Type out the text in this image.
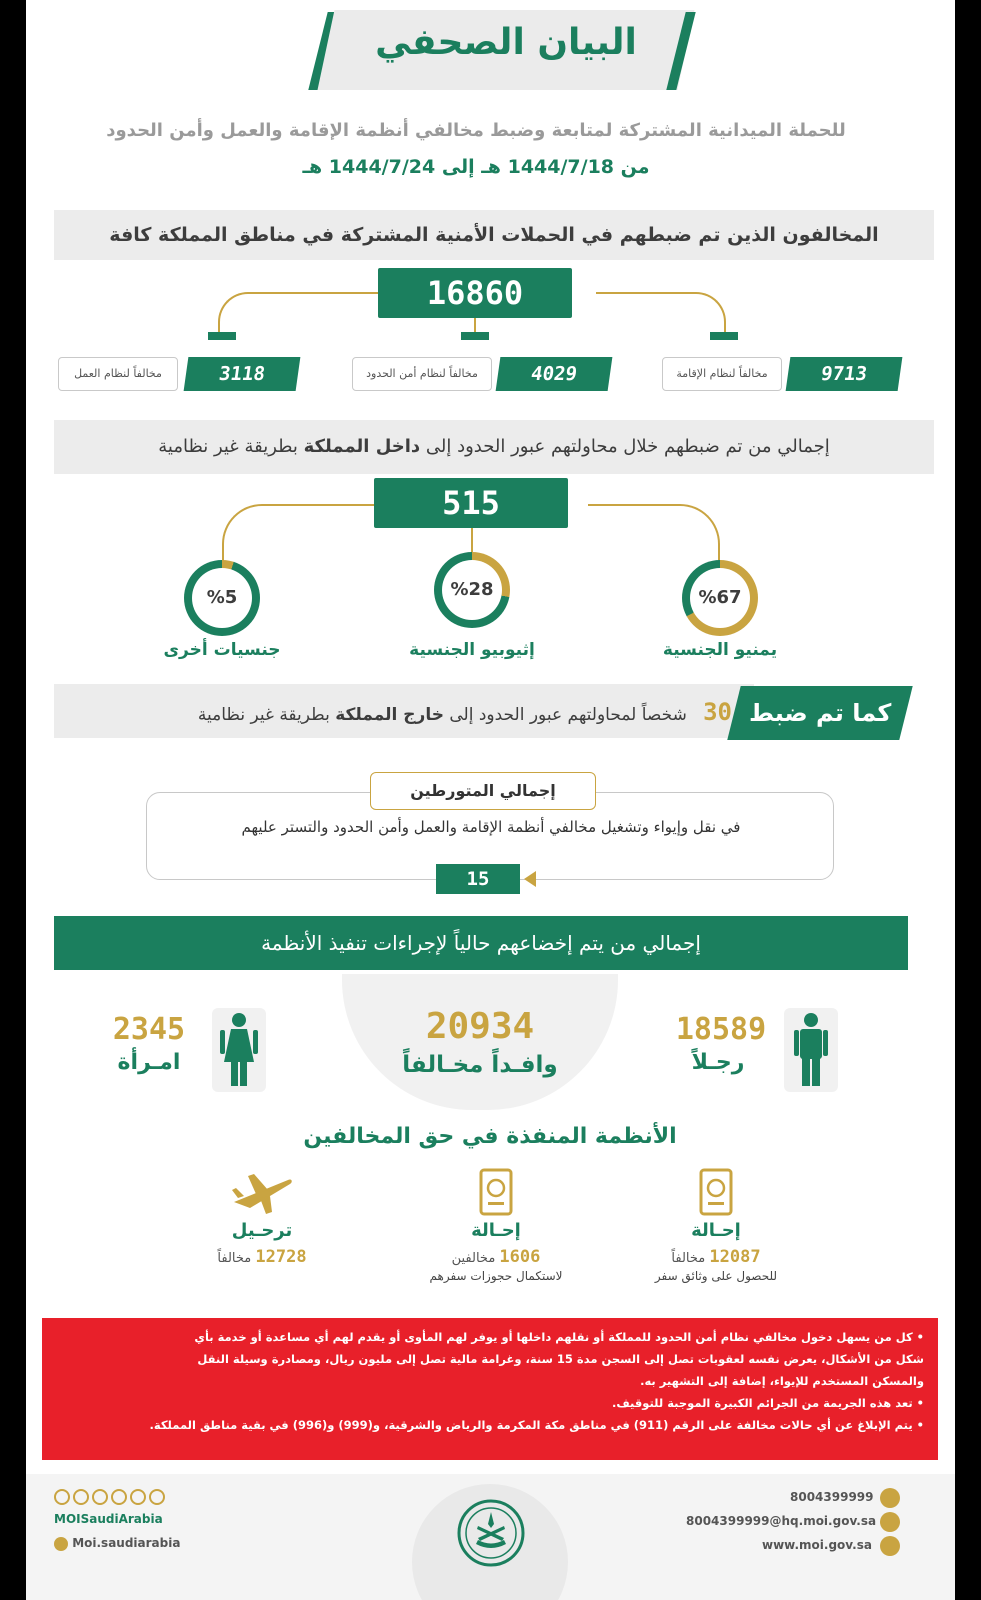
البيان الصحفي
للحملة الميدانية المشتركة لمتابعة وضبط مخالفي أنظمة الإقامة والعمل وأمن الحدود
من 1444/7/18 هـ إلى 1444/7/24 هـ
المخالفون الذين تم ضبطهم في الحملات الأمنية المشتركة في مناطق المملكة كافة
16860
9713
مخالفاً لنظام الإقامة
4029
مخالفاً لنظام أمن الحدود
3118
مخالفاً لنظام العمل
إجمالي من تم ضبطهم خلال محاولتهم عبور الحدود إلى داخل المملكة بطريقة غير نظامية
515
%67
%28
%5
يمنيو الجنسية
إثيوبيو الجنسية
جنسيات أخرى
كما تم ضبط
30   شخصاً لمحاولتهم عبور الحدود إلى خارج المملكة بطريقة غير نظامية
إجمالي المتورطين
في نقل وإيواء وتشغيل مخالفي أنظمة الإقامة والعمل وأمن الحدود والتستر عليهم
15
إجمالي من يتم إخضاعهم حالياً لإجراءات تنفيذ الأنظمة
18589
رجـلاً
20934
وافـداً مخـالفاً
2345
امـرأة
الأنظمة المنفذة في حق المخالفين
إحـالة
12087 مخالفاً
للحصول على وثائق سفر
إحـالة
1606 مخالفين
لاستكمال حجوزات سفرهم
ترحـيل
12728 مخالفاً
• كل من يسهل دخول مخالفي نظام أمن الحدود للمملكة أو نقلهم داخلها أو يوفر لهم المأوى أو يقدم لهم أي مساعدة أو خدمة بأي
شكل من الأشكال، يعرض نفسه لعقوبات تصل إلى السجن مدة 15 سنة، وغرامة مالية تصل إلى مليون ريال، ومصادرة وسيلة النقل
والمسكن المستخدم للإيواء، إضافة إلى التشهير به.
• تعد هذه الجريمة من الجرائم الكبيرة الموجبة للتوقيف.
• يتم الإبلاغ عن أي حالات مخالفة على الرقم (911) في مناطق مكة المكرمة والرياض والشرقية، و(999) و(996) في بقية مناطق المملكة.
MOISaudiArabia
Moi.saudiarabia
8004399999
8004399999@hq.moi.gov.sa
www.moi.gov.sa
